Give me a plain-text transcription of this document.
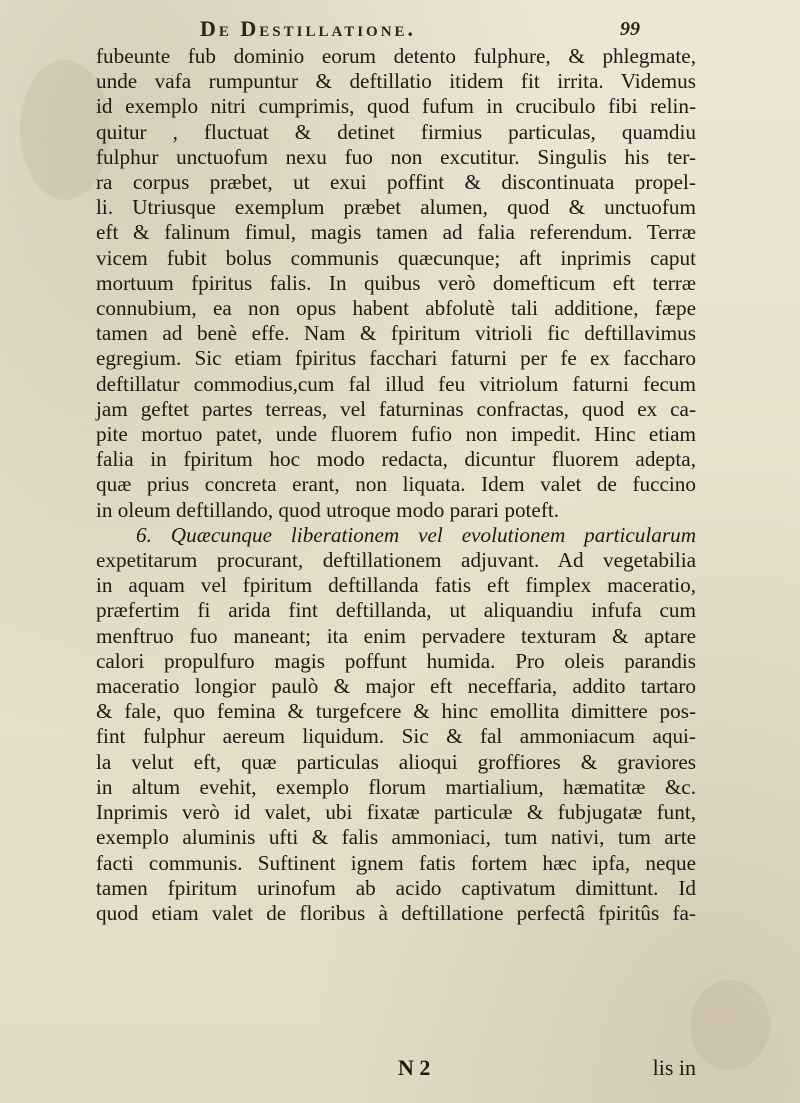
De Destillatione.	99
fubeunte fub dominio eorum detento fulphure, & phlegmate,
unde vafa rumpuntur & deftillatio itidem fit irrita. Videmus
id exemplo nitri cumprimis, quod fufum in crucibulo fibi relin-
quitur , fluctuat & detinet firmius particulas, quamdiu
fulphur unctuofum nexu fuo non excutitur. Singulis his ter-
ra corpus præbet, ut exui poffint & discontinuata propel-
li. Utriusque exemplum præbet alumen, quod & unctuofum
eft & falinum fimul, magis tamen ad falia referendum. Terræ
vicem fubit bolus communis quæcunque; aft inprimis caput
mortuum fpiritus falis. In quibus verò domefticum eft terræ
connubium, ea non opus habent abfolutè tali additione, fæpe
tamen ad benè effe. Nam & fpiritum vitrioli fic deftillavimus
egregium. Sic etiam fpiritus facchari faturni per fe ex faccharo
deftillatur commodius,cum fal illud feu vitriolum faturni fecum
jam geftet partes terreas, vel faturninas confractas, quod ex ca-
pite mortuo patet, unde fluorem fufio non impedit. Hinc etiam
falia in fpiritum hoc modo redacta, dicuntur fluorem adepta,
quæ prius concreta erant, non liquata. Idem valet de fuccino
in oleum deftillando, quod utroque modo parari poteft.
6. Quæcunque liberationem vel evolutionem particularum
expetitarum procurant, deftillationem adjuvant. Ad vegetabilia
in aquam vel fpiritum deftillanda fatis eft fimplex maceratio,
præfertim fi arida fint deftillanda, ut aliquandiu infufa cum
menftruo fuo maneant; ita enim pervadere texturam & aptare
calori propulfuro magis poffunt humida. Pro oleis parandis
maceratio longior paulò & major eft neceffaria, addito tartaro
& fale, quo femina & turgefcere & hinc emollita dimittere pos-
fint fulphur aereum liquidum. Sic & fal ammoniacum aqui-
la velut eft, quæ particulas alioqui groffiores & graviores
in altum evehit, exemplo florum martialium, hæmatitæ &c.
Inprimis verò id valet, ubi fixatæ particulæ & fubjugatæ funt,
exemplo aluminis ufti & falis ammoniaci, tum nativi, tum arte
facti communis. Suftinent ignem fatis fortem hæc ipfa, neque
tamen fpiritum urinofum ab acido captivatum dimittunt. Id
quod etiam valet de floribus à deftillatione perfectâ fpiritûs fa-
N 2	lis in
